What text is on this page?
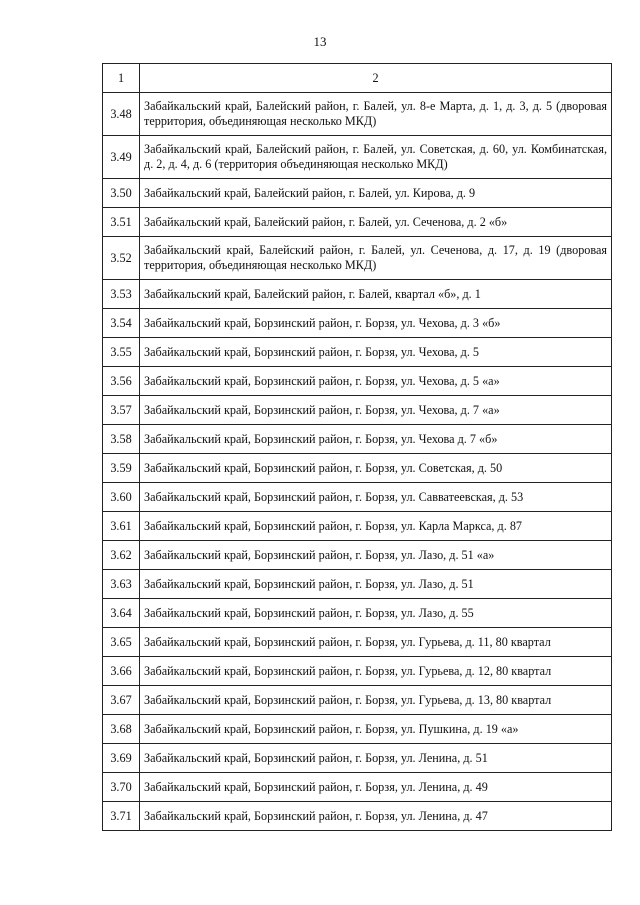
13
1	2
3.48	Забайкальский край, Балейский район, г. Балей, ул. 8-е Марта, д. 1, д. 3, д. 5 (дворовая территория, объединяющая несколько МКД)
3.49	Забайкальский край, Балейский район, г. Балей, ул. Советская, д. 60, ул. Комбинатская, д. 2, д. 4, д. 6 (территория объединяющая несколько МКД)
3.50	Забайкальский край, Балейский район, г. Балей, ул. Кирова, д. 9
3.51	Забайкальский край, Балейский район, г. Балей, ул. Сеченова, д. 2 «б»
3.52	Забайкальский край, Балейский район, г. Балей, ул. Сеченова, д. 17, д. 19 (дворовая территория, объединяющая несколько МКД)
3.53	Забайкальский край, Балейский район, г. Балей, квартал «б», д. 1
3.54	Забайкальский край, Борзинский район, г. Борзя, ул. Чехова, д. 3 «б»
3.55	Забайкальский край, Борзинский район, г. Борзя, ул. Чехова, д. 5
3.56	Забайкальский край, Борзинский район, г. Борзя, ул. Чехова, д. 5 «а»
3.57	Забайкальский край, Борзинский район, г. Борзя, ул. Чехова, д. 7 «а»
3.58	Забайкальский край, Борзинский район, г. Борзя, ул. Чехова д. 7 «б»
3.59	Забайкальский край, Борзинский район, г. Борзя, ул. Советская, д. 50
3.60	Забайкальский край, Борзинский район, г. Борзя, ул. Савватеевская, д. 53
3.61	Забайкальский край, Борзинский район, г. Борзя, ул. Карла Маркса, д. 87
3.62	Забайкальский край, Борзинский район, г. Борзя, ул. Лазо, д. 51 «а»
3.63	Забайкальский край, Борзинский район, г. Борзя, ул. Лазо, д. 51
3.64	Забайкальский край, Борзинский район, г. Борзя, ул. Лазо, д. 55
3.65	Забайкальский край, Борзинский район, г. Борзя, ул. Гурьева, д. 11, 80 квартал
3.66	Забайкальский край, Борзинский район, г. Борзя, ул. Гурьева, д. 12, 80 квартал
3.67	Забайкальский край, Борзинский район, г. Борзя, ул. Гурьева, д. 13, 80 квартал
3.68	Забайкальский край, Борзинский район, г. Борзя, ул. Пушкина, д. 19 «а»
3.69	Забайкальский край, Борзинский район, г. Борзя, ул. Ленина, д. 51
3.70	Забайкальский край, Борзинский район, г. Борзя, ул. Ленина, д. 49
3.71	Забайкальский край, Борзинский район, г. Борзя, ул. Ленина, д. 47
